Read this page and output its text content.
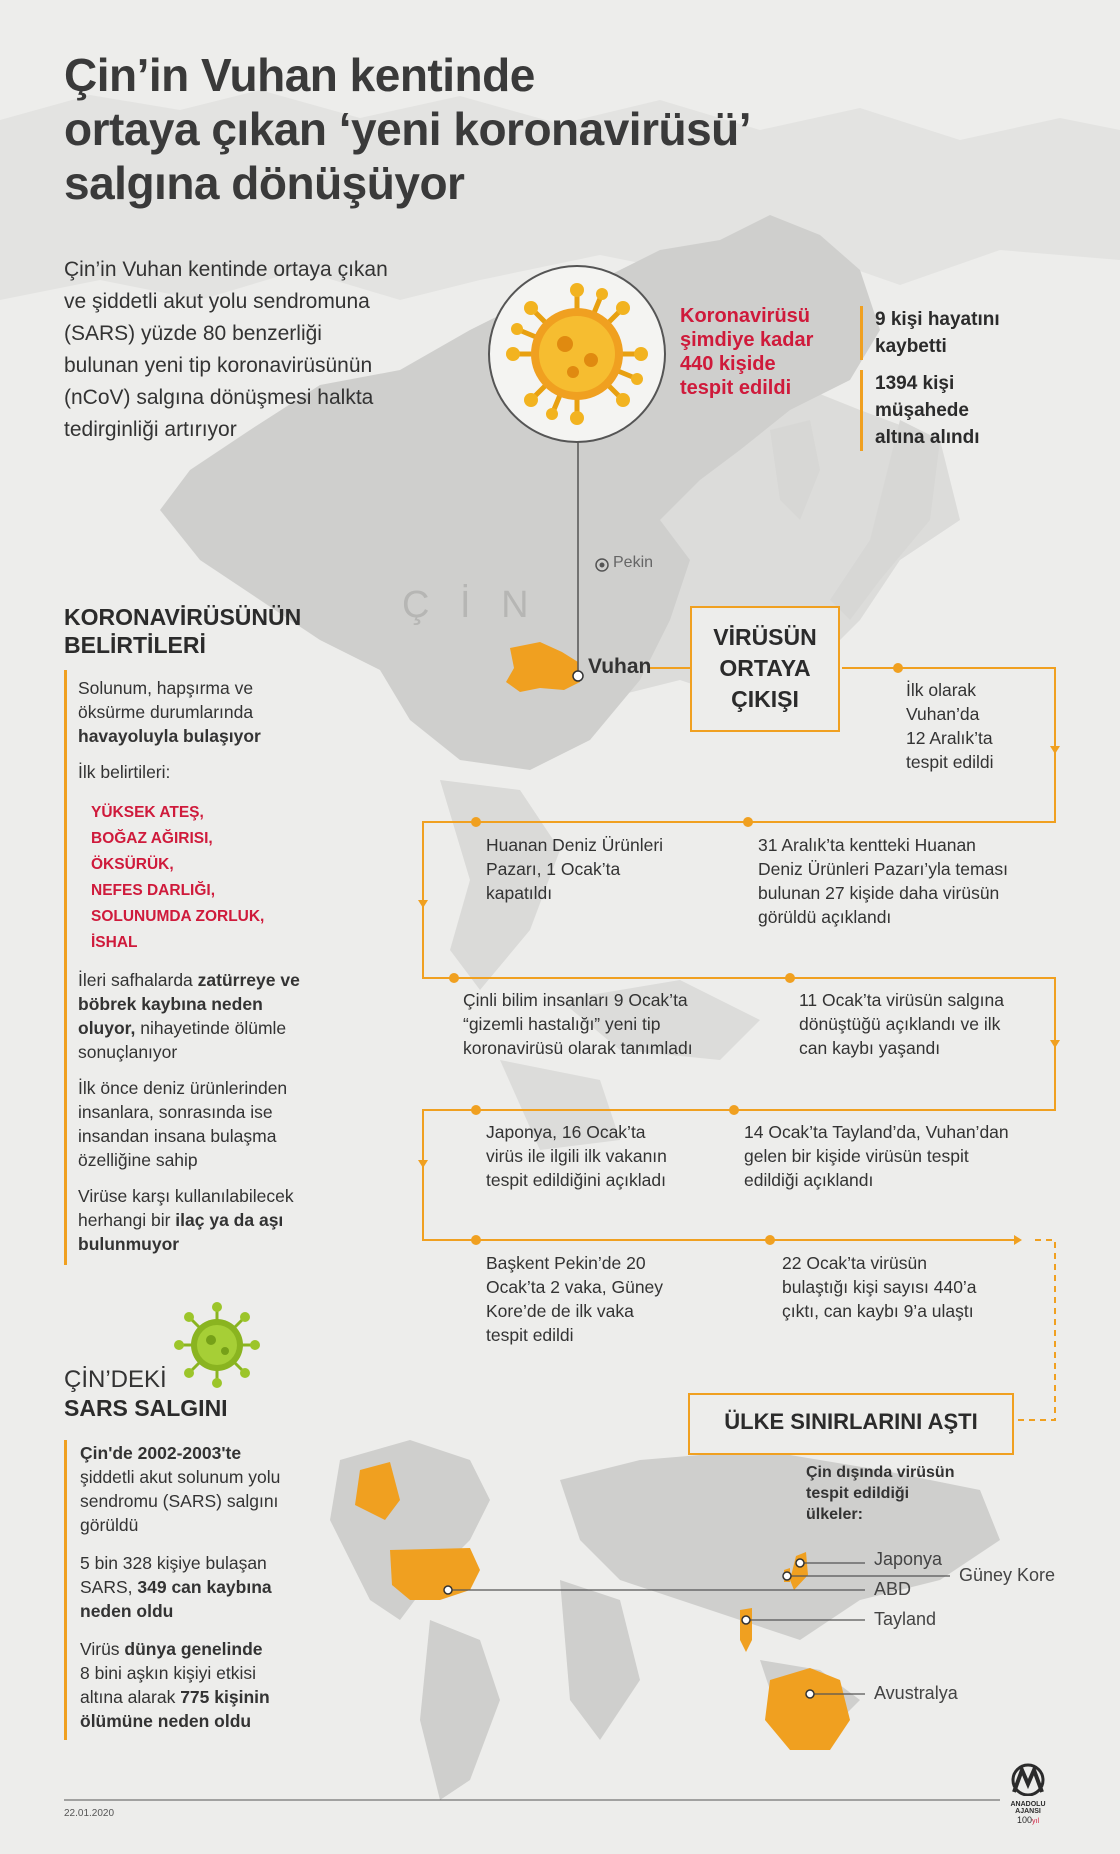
Çin’in Vuhan kentinde
ortaya çıkan ‘yeni koronavirüsü’
salgına dönüşüyor
Çin’in Vuhan kentinde ortaya çıkan
ve şiddetli akut yolu sendromuna
(SARS) yüzde 80 benzerliği
bulunan yeni tip koronavirüsünün
(nCoV) salgına dönüşmesi halkta
tedirginliği artırıyor
Koronavirüsü
şimdiye kadar
440 kişide
tespit edildi
9 kişi hayatını
kaybetti
1394 kişi
müşahede
altına alındı
Pekin
Ç İ N
Vuhan
KORONAVİRÜSÜNÜN
BELİRTİLERİ
Solunum, hapşırma ve
öksürme durumlarında
havayoluyla bulaşıyor
İlk belirtileri:
YÜKSEK ATEŞ,
BOĞAZ AĞIRISI,
ÖKSÜRÜK,
NEFES DARLIĞI,
SOLUNUMDA ZORLUK,
İSHAL
İleri safhalarda zatürreye ve
böbrek kaybına neden
oluyor, nihayetinde ölümle
sonuçlanıyor
İlk önce deniz ürünlerinden
insanlara, sonrasında ise
insandan insana bulaşma
özelliğine sahip
Virüse karşı kullanılabilecek
herhangi bir ilaç ya da aşı
bulunmuyor
VİRÜSÜN
ORTAYA
ÇIKIŞI	İlk olarak
Vuhan’da
12 Aralık’ta
tespit edildi
Huanan Deniz Ürünleri
Pazarı, 1 Ocak’ta
kapatıldı
31 Aralık’ta kentteki Huanan
Deniz Ürünleri Pazarı’yla teması
bulunan 27 kişide daha virüsün
görüldü açıklandı
Çinli bilim insanları 9 Ocak’ta
“gizemli hastalığı” yeni tip
koronavirüsü olarak tanımladı
11 Ocak’ta virüsün salgına
dönüştüğü açıklandı ve ilk
can kaybı yaşandı
Japonya, 16 Ocak’ta
virüs ile ilgili ilk vakanın
tespit edildiğini açıkladı
14 Ocak’ta Tayland’da, Vuhan’dan
gelen bir kişide virüsün tespit
edildiği açıklandı
Başkent Pekin’de 20
Ocak’ta 2 vaka, Güney
Kore’de de ilk vaka
tespit edildi
22 Ocak’ta virüsün
bulaştığı kişi sayısı 440’a
çıktı, can kaybı 9’a ulaştı
ÇİN’DEKİ
SARS SALGINI
Çin'de 2002-2003'te
şiddetli akut solunum yolu
sendromu (SARS) salgını
görüldü
5 bin 328 kişiye bulaşan
SARS, 349 can kaybına
neden oldu
Virüs dünya genelinde
8 bini aşkın kişiyi etkisi
altına alarak 775 kişinin
ölümüne neden oldu
ÜLKE SINIRLARINI AŞTI
Çin dışında virüsün
tespit edildiği
ülkeler:
Japonya
Güney Kore
ABD
Tayland
Avustralya
22.01.2020
ANADOLU AJANSI
100yıl
